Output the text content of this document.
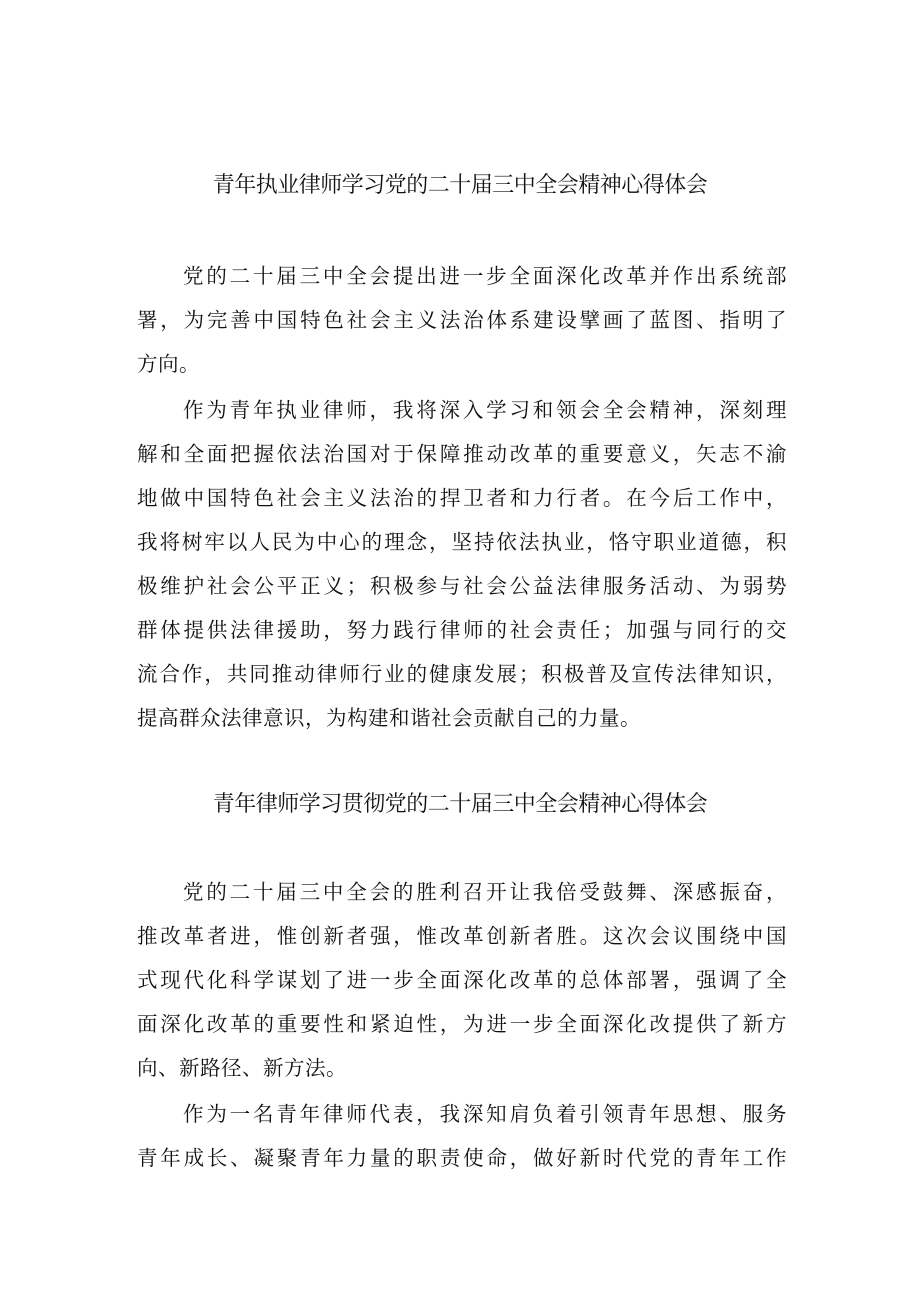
青年执业律师学习党的二十届三中全会精神心得体会
党的二十届三中全会提出进一步全面深化改革并作出系统部
署，为完善中国特色社会主义法治体系建设擘画了蓝图、指明了
方向。
作为青年执业律师，我将深入学习和领会全会精神，深刻理
解和全面把握依法治国对于保障推动改革的重要意义，矢志不渝
地做中国特色社会主义法治的捍卫者和力行者。在今后工作中，
我将树牢以人民为中心的理念，坚持依法执业，恪守职业道德，积
极维护社会公平正义；积极参与社会公益法律服务活动、为弱势
群体提供法律援助，努力践行律师的社会责任；加强与同行的交
流合作，共同推动律师行业的健康发展；积极普及宣传法律知识，
提高群众法律意识，为构建和谐社会贡献自己的力量。
青年律师学习贯彻党的二十届三中全会精神心得体会
党的二十届三中全会的胜利召开让我倍受鼓舞、深感振奋，
推改革者进，惟创新者强，惟改革创新者胜。这次会议围绕中国
式现代化科学谋划了进一步全面深化改革的总体部署，强调了全
面深化改革的重要性和紧迫性，为进一步全面深化改提供了新方
向、新路径、新方法。
作为一名青年律师代表，我深知肩负着引领青年思想、服务
青年成长、凝聚青年力量的职责使命，做好新时代党的青年工作
